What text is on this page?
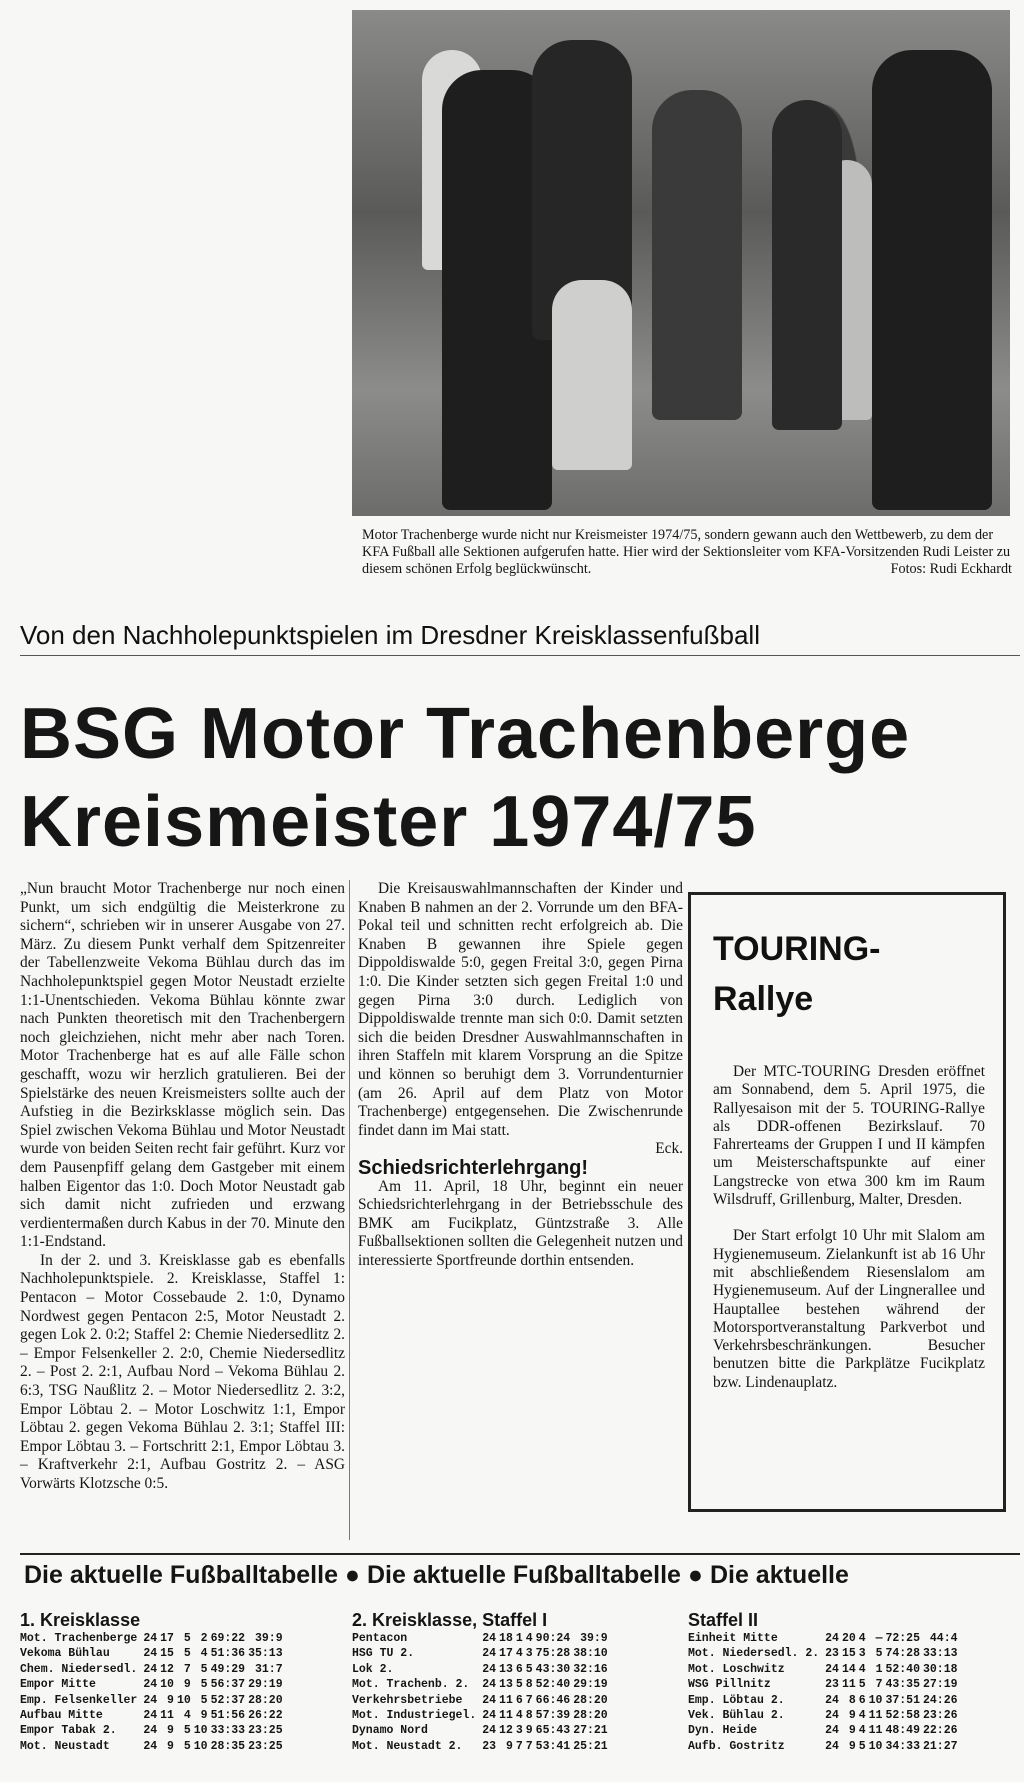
Motor Trachenberge wurde nicht nur Kreismeister 1974/75, sondern gewann auch den Wettbewerb, zu dem der KFA Fußball alle Sektionen aufgerufen hatte. Hier wird der Sektionsleiter vom KFA-Vorsitzenden Rudi Leister zu diesem schönen Erfolg beglückwünscht.	Fotos: Rudi Eckhardt
Von den Nachholepunktspielen im Dresdner Kreisklassenfußball
BSG Motor Trachenberge
Kreismeister 1974/75

„Nun braucht Motor Trachenberge nur noch einen Punkt, um sich endgültig die Meisterkrone zu sichern“, schrieben wir in unserer Ausgabe von 27. März. Zu diesem Punkt verhalf dem Spitzenreiter der Tabellenzweite Vekoma Bühlau durch das im Nachholepunktspiel gegen Motor Neustadt erzielte 1:1-Unentschieden. Vekoma Bühlau könnte zwar nach Punkten theoretisch mit den Trachenbergern noch gleichziehen, nicht mehr aber nach Toren. Motor Trachenberge hat es auf alle Fälle schon geschafft, wozu wir herzlich gratulieren. Bei der Spielstärke des neuen Kreismeisters sollte auch der Aufstieg in die Bezirksklasse möglich sein. Das Spiel zwischen Vekoma Bühlau und Motor Neustadt wurde von beiden Seiten recht fair geführt. Kurz vor dem Pausenpfiff gelang dem Gastgeber mit einem halben Eigentor das 1:0. Doch Motor Neustadt gab sich damit nicht zufrieden und erzwang verdientermaßen durch Kabus in der 70. Minute den 1:1-Endstand.

In der 2. und 3. Kreisklasse gab es ebenfalls Nachholepunktspiele. 2. Kreisklasse, Staffel 1: Pentacon – Motor Cossebaude 2. 1:0, Dynamo Nordwest gegen Pentacon 2:5, Motor Neustadt 2. gegen Lok 2. 0:2; Staffel 2: Chemie Niedersedlitz 2. – Empor Felsenkeller 2. 2:0, Chemie Niedersedlitz 2. – Post 2. 2:1, Aufbau Nord – Vekoma Bühlau 2. 6:3, TSG Naußlitz 2. – Motor Niedersedlitz 2. 3:2, Empor Löbtau 2. – Motor Loschwitz 1:1, Empor Löbtau 2. gegen Vekoma Bühlau 2. 3:1; Staffel III: Empor Löbtau 3. – Fortschritt 2:1, Empor Löbtau 3. – Kraftverkehr 2:1, Aufbau Gostritz 2. – ASG Vorwärts Klotzsche 0:5.

Die Kreisauswahlmannschaften der Kinder und Knaben B nahmen an der 2. Vorrunde um den BFA-Pokal teil und schnitten recht erfolgreich ab. Die Knaben B gewannen ihre Spiele gegen Dippoldiswalde 5:0, gegen Freital 3:0, gegen Pirna 1:0. Die Kinder setzten sich gegen Freital 1:0 und gegen Pirna 3:0 durch. Lediglich von Dippoldiswalde trennte man sich 0:0. Damit setzten sich die beiden Dresdner Auswahlmannschaften in ihren Staffeln mit klarem Vorsprung an die Spitze und können so beruhigt dem 3. Vorrundenturnier (am 26. April auf dem Platz von Motor Trachenberge) entgegensehen. Die Zwischenrunde findet dann im Mai statt.

Eck.

Schiedsrichterlehrgang!

Am 11. April, 18 Uhr, beginnt ein neuer Schiedsrichterlehrgang in der Betriebsschule des BMK am Fucikplatz, Güntzstraße 3. Alle Fußballsektionen sollten die Gelegenheit nutzen und interessierte Sportfreunde dorthin entsenden.

TOURING-
Rallye

Der MTC-TOURING Dresden eröffnet am Sonnabend, dem 5. April 1975, die Rallyesaison mit der 5. TOURING-Rallye als DDR-offenen Bezirkslauf. 70 Fahrerteams der Gruppen I und II kämpfen um Meisterschaftspunkte auf einer Langstrecke von etwa 300 km im Raum Wilsdruff, Grillenburg, Malter, Dresden.

Der Start erfolgt 10 Uhr mit Slalom am Hygienemuseum. Zielankunft ist ab 16 Uhr mit abschließendem Riesenslalom am Hygienemuseum. Auf der Lingnerallee und Hauptallee bestehen während der Motorsportveranstaltung Parkverbot und Verkehrsbeschränkungen. Besucher benutzen bitte die Parkplätze Fucikplatz bzw. Lindenauplatz.

Die aktuelle Fußballtabelle ● Die aktuelle Fußballtabelle ● Die aktuelle
1. Kreisklasse
Mot. Trachenberge	24	17	5	2	69:22	39:9
Vekoma Bühlau	24	15	5	4	51:36	35:13
Chem. Niedersedl.	24	12	7	5	49:29	31:7
Empor Mitte	24	10	9	5	56:37	29:19
Emp. Felsenkeller	24	9	10	5	52:37	28:20
Aufbau Mitte	24	11	4	9	51:56	26:22
Empor Tabak 2.	24	9	5	10	33:33	23:25
Mot. Neustadt	24	9	5	10	28:35	23:25
2. Kreisklasse, Staffel I
Pentacon	24	18	1	4	90:24	39:9
HSG TU 2.	24	17	4	3	75:28	38:10
Lok 2.	24	13	6	5	43:30	32:16
Mot. Trachenb. 2.	24	13	5	8	52:40	29:19
Verkehrsbetriebe	24	11	6	7	66:46	28:20
Mot. Industriegel.	24	11	4	8	57:39	28:20
Dynamo Nord	24	12	3	9	65:43	27:21
Mot. Neustadt 2.	23	9	7	7	53:41	25:21
Staffel II
Einheit Mitte	24	20	4	—	72:25	44:4
Mot. Niedersedl. 2.	23	15	3	5	74:28	33:13
Mot. Loschwitz	24	14	4	1	52:40	30:18
WSG Pillnitz	23	11	5	7	43:35	27:19
Emp. Löbtau 2.	24	8	6	10	37:51	24:26
Vek. Bühlau 2.	24	9	4	11	52:58	23:26
Dyn. Heide	24	9	4	11	48:49	22:26
Aufb. Gostritz	24	9	5	10	34:33	21:27
